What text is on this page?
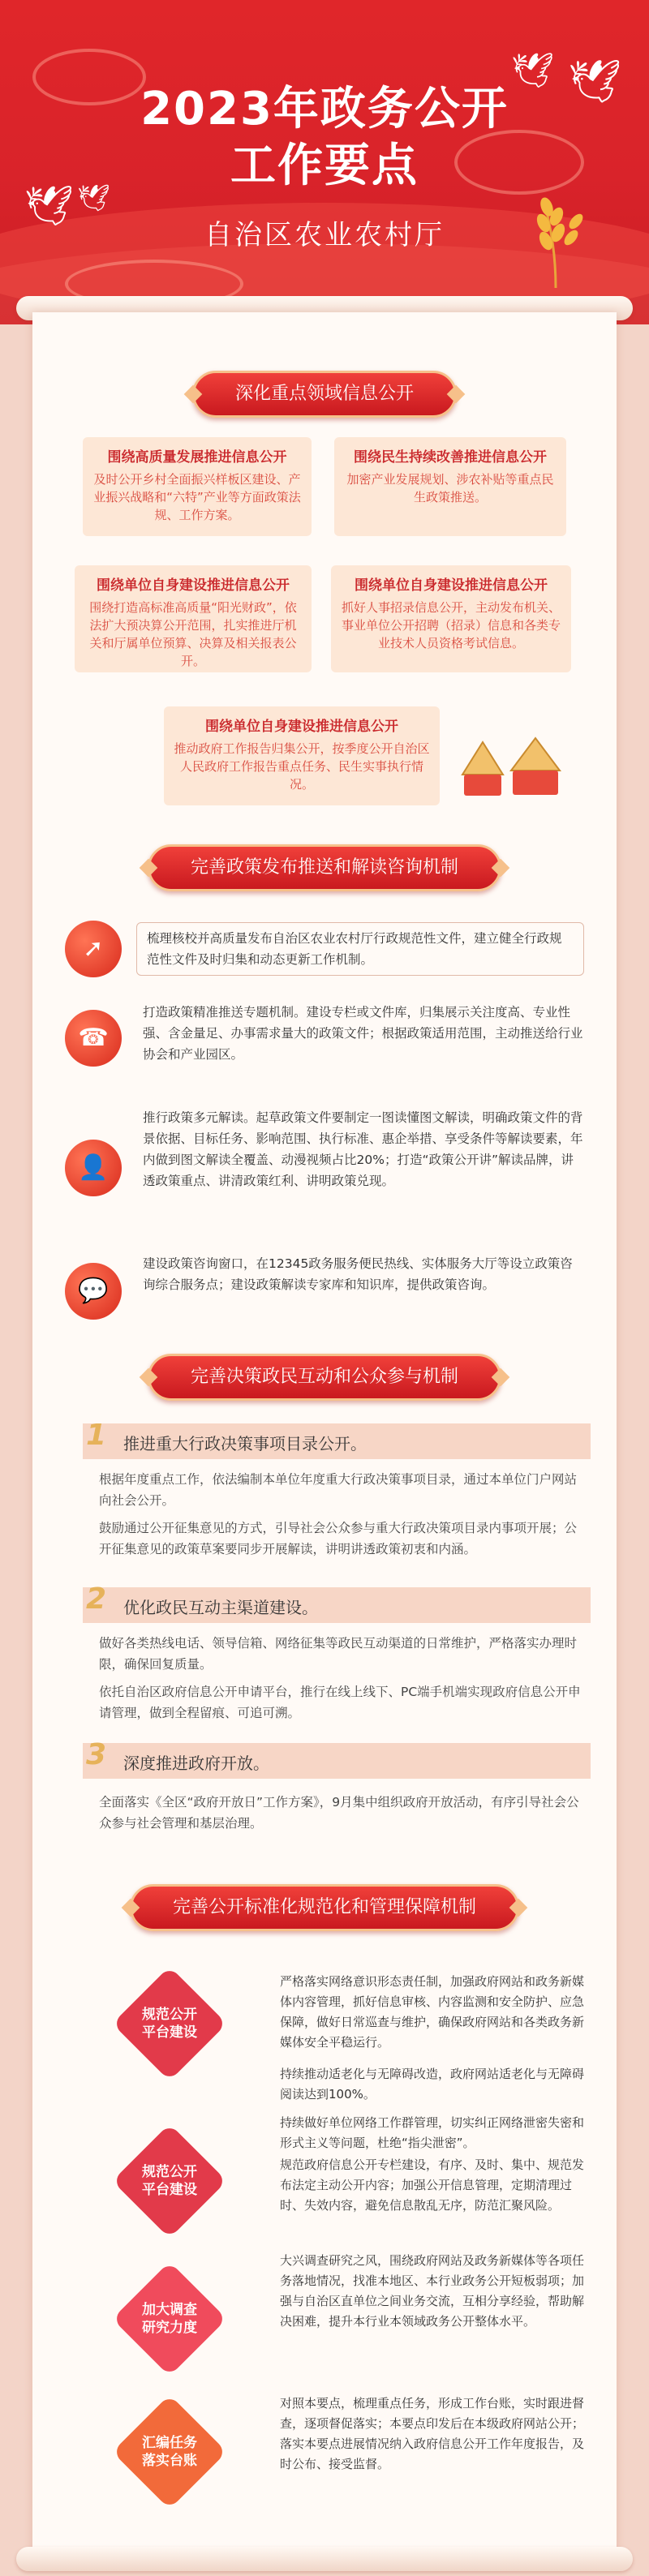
🕊 🕊
🕊 🕊
2023年政务公开
工作要点
自治区农业农村厅
深化重点领域信息公开
围绕高质量发展推进信息公开
及时公开乡村全面振兴样板区建设、产业振兴战略和“六特”产业等方面政策法规、工作方案。
围绕民生持续改善推进信息公开
加密产业发展规划、涉农补贴等重点民生政策推送。
围绕单位自身建设推进信息公开
围绕打造高标准高质量“阳光财政”，依法扩大预决算公开范围，扎实推进厅机关和厅属单位预算、决算及相关报表公开。
围绕单位自身建设推进信息公开
抓好人事招录信息公开，主动发布机关、事业单位公开招聘（招录）信息和各类专业技术人员资格考试信息。
围绕单位自身建设推进信息公开
推动政府工作报告归集公开，按季度公开自治区人民政府工作报告重点任务、民生实事执行情况。
完善政策发布推送和解读咨询机制
➚	梳理核校并高质量发布自治区农业农村厅行政规范性文件，建立健全行政规范性文件及时归集和动态更新工作机制。
☎
打造政策精准推送专题机制。建设专栏或文件库，归集展示关注度高、专业性强、含金量足、办事需求量大的政策文件；根据政策适用范围，主动推送给行业协会和产业园区。
👤
推行政策多元解读。起草政策文件要制定一图读懂图文解读，明确政策文件的背景依据、目标任务、影响范围、执行标准、惠企举措、享受条件等解读要素，年内做到图文解读全覆盖、动漫视频占比20%；打造“政策公开讲”解读品牌，讲透政策重点、讲清政策红利、讲明政策兑现。
💬
建设政策咨询窗口，在12345政务服务便民热线、实体服务大厅等设立政策咨询综合服务点；建设政策解读专家库和知识库，提供政策咨询。
完善决策政民互动和公众参与机制
1 推进重大行政决策事项目录公开。
根据年度重点工作，依法编制本单位年度重大行政决策事项目录，通过本单位门户网站向社会公开。
鼓励通过公开征集意见的方式，引导社会公众参与重大行政决策项目录内事项开展；公开征集意见的政策草案要同步开展解读，讲明讲透政策初衷和内涵。
2 优化政民互动主渠道建设。
做好各类热线电话、领导信箱、网络征集等政民互动渠道的日常维护，严格落实办理时限，确保回复质量。
依托自治区政府信息公开申请平台，推行在线上线下、PC端手机端实现政府信息公开申请管理，做到全程留痕、可追可溯。
3 深度推进政府开放。
全面落实《全区“政府开放日”工作方案》，9月集中组织政府开放活动，有序引导社会公众参与社会管理和基层治理。
完善公开标准化规范化和管理保障机制
规范公开
平台建设
严格落实网络意识形态责任制，加强政府网站和政务新媒体内容管理，抓好信息审核、内容监测和安全防护、应急保障，做好日常巡查与维护，确保政府网站和各类政务新媒体安全平稳运行。
持续推动适老化与无障碍改造，政府网站适老化与无障碍阅读达到100%。
规范公开
平台建设
持续做好单位网络工作群管理，切实纠正网络泄密失密和形式主义等问题，杜绝“指尖泄密”。
规范政府信息公开专栏建设，有序、及时、集中、规范发布法定主动公开内容；加强公开信息管理，定期清理过时、失效内容，避免信息散乱无序，防范汇聚风险。
加大调查
研究力度
大兴调查研究之风，围绕政府网站及政务新媒体等各项任务落地情况，找准本地区、本行业政务公开短板弱项；加强与自治区直单位之间业务交流，互相分享经验，帮助解决困难，提升本行业本领域政务公开整体水平。
汇编任务
落实台账
对照本要点，梳理重点任务，形成工作台账，实时跟进督查，逐项督促落实；本要点印发后在本级政府网站公开；落实本要点进展情况纳入政府信息公开工作年度报告，及时公布、接受监督。
